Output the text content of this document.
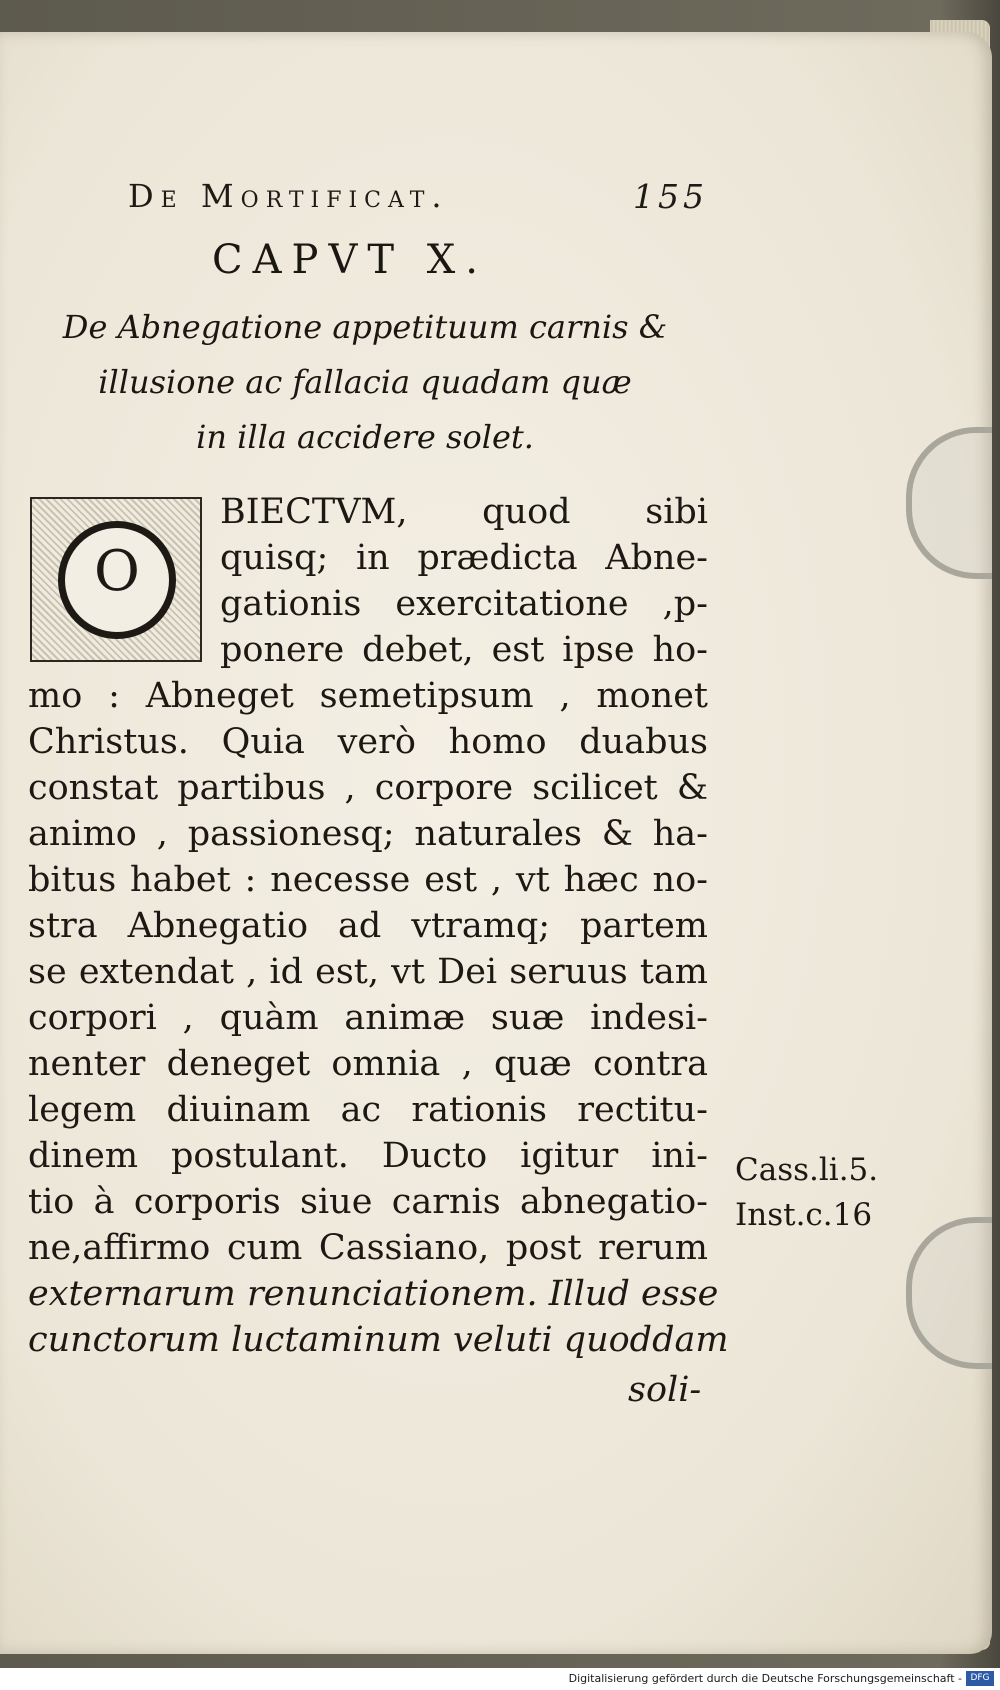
De Mortificat.	155
CAPVT X.
De Abnegatione appetituum carnis &
illusione ac fallacia quadam quæ
in illa accidere solet.
O
BIECTVM, quod sibi
quisq; in prædicta Abne-
gationis exercitatione ,p-
ponere debet, est ipse ho-
mo : Abneget semetipsum , monet
Christus. Quia verò homo duabus
constat partibus , corpore scilicet &
animo , passionesq; naturales & ha-
bitus habet : necesse est , vt hæc no-
stra Abnegatio ad vtramq; partem
se extendat , id est, vt Dei seruus tam
corpori , quàm animæ suæ indesi-
nenter deneget omnia , quæ contra
legem diuinam ac rationis rectitu-
dinem postulant. Ducto igitur ini-
tio à corporis siue carnis abnegatio-
ne,affirmo cum Cassiano, post rerum
externarum renunciationem. Illud esse
cunctorum luctaminum veluti quoddam
soli-
Cass.li.5.
Inst.c.16
Digitalisierung gefördert durch die Deutsche Forschungsgemeinschaft - DFG
